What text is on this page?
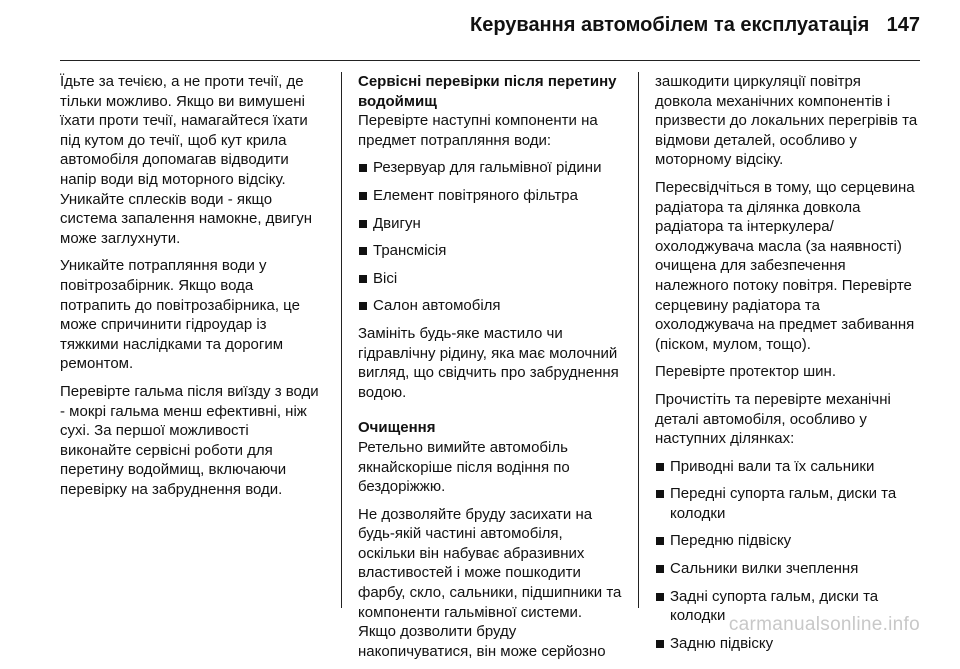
Керування автомобілем та експлуатація 147

Їдьте за течією, а не проти течії, де тільки можливо. Якщо ви вимушені їхати проти течії, намагайтеся їхати під кутом до течії, щоб кут крила автомобіля допомагав відводити напір води від моторного відсіку. Уникайте сплесків води - якщо система запалення намокне, двигун може заглухнути.

Уникайте потрапляння води у повітрозабірник. Якщо вода потрапить до повітрозабірника, це може спричинити гідроудар із тяжкими наслідками та дорогим ремонтом.

Перевірте гальма після виїзду з води - мокрі гальма менш ефективні, ніж сухі. За першої можливості виконайте сервісні роботи для перетину водоймищ, включаючи перевірку на забруднення води.

Сервісні перевірки після перетину водоймищ

Перевірте наступні компоненти на предмет потрапляння води:

Резервуар для гальмівної рідини
Елемент повітряного фільтра
Двигун
Трансмісія
Вісі
Салон автомобіля

Замініть будь-яке мастило чи гідравлічну рідину, яка має молочний вигляд, що свідчить про забруднення водою.

Очищення

Ретельно вимийте автомобіль якнайскоріше після водіння по бездоріжжю.

Не дозволяйте бруду засихати на будь-якій частині автомобіля, оскільки він набуває абразивних властивостей і може пошкодити фарбу, скло, сальники, підшипники та компоненти гальмівної системи. Якщо дозволити бруду накопичуватися, він може серйозно

зашкодити циркуляції повітря довкола механічних компонентів і призвести до локальних перегрівів та відмови деталей, особливо у моторному відсіку.

Пересвідчіться в тому, що серцевина радіатора та ділянка довкола радіатора та інтеркулера/ охолоджувача масла (за наявності) очищена для забезпечення належного потоку повітря. Перевірте серцевину радіатора та охолоджувача на предмет забивання (піском, мулом, тощо).

Перевірте протектор шин.

Прочистіть та перевірте механічні деталі автомобіля, особливо у наступних ділянках:

Приводні вали та їх сальники
Передні супорта гальм, диски та колодки
Передню підвіску
Сальники вилки зчеплення
Задні супорта гальм, диски та колодки
Задню підвіску
carmanualsonline.info
